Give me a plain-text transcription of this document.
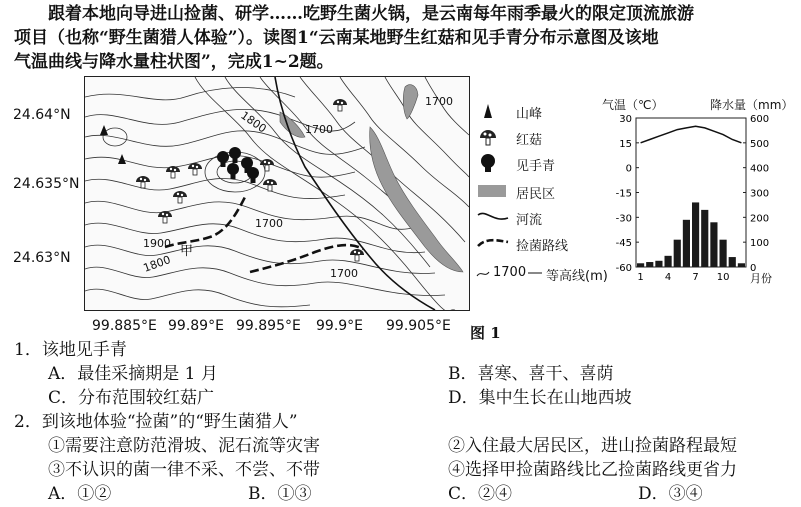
跟着本地向导进山捡菌、研学……吃野生菌火锅，是云南每年雨季最火的限定顶流旅游

项目（也称“野生菌猎人体验”）。读图1“云南某地野生红菇和见手青分布示意图及该地

气温曲线与降水量柱状图”，完成1~2题。

24.64°N
24.635°N
24.63°N
1700
1800	1700
1700
1900
1800
1700
甲
99.885°E 99.89°E 99.895°E 99.9°E 99.905°E
山峰
红菇
见手青
居民区
河流
捡菌路线
1700 等高线(m)
气温（℃）	降水量（mm）
30
15
0
-15
-30
-45
-60
600
500
400
300
200
100
0
1 4 7 10 月份
图 1
1．该地见手青
A．最佳采摘期是 1 月	B．喜寒、喜干、喜荫
C．分布范围较红菇广	D．集中生长在山地西坡
2．到该地体验“捡菌”的“野生菌猎人”
①需要注意防范滑坡、泥石流等灾害	②入住最大居民区，进山捡菌路程最短
③不认识的菌一律不采、不尝、不带	④选择甲捡菌路线比乙捡菌路线更省力
A．①②	B．①③	C．②④	D．③④
